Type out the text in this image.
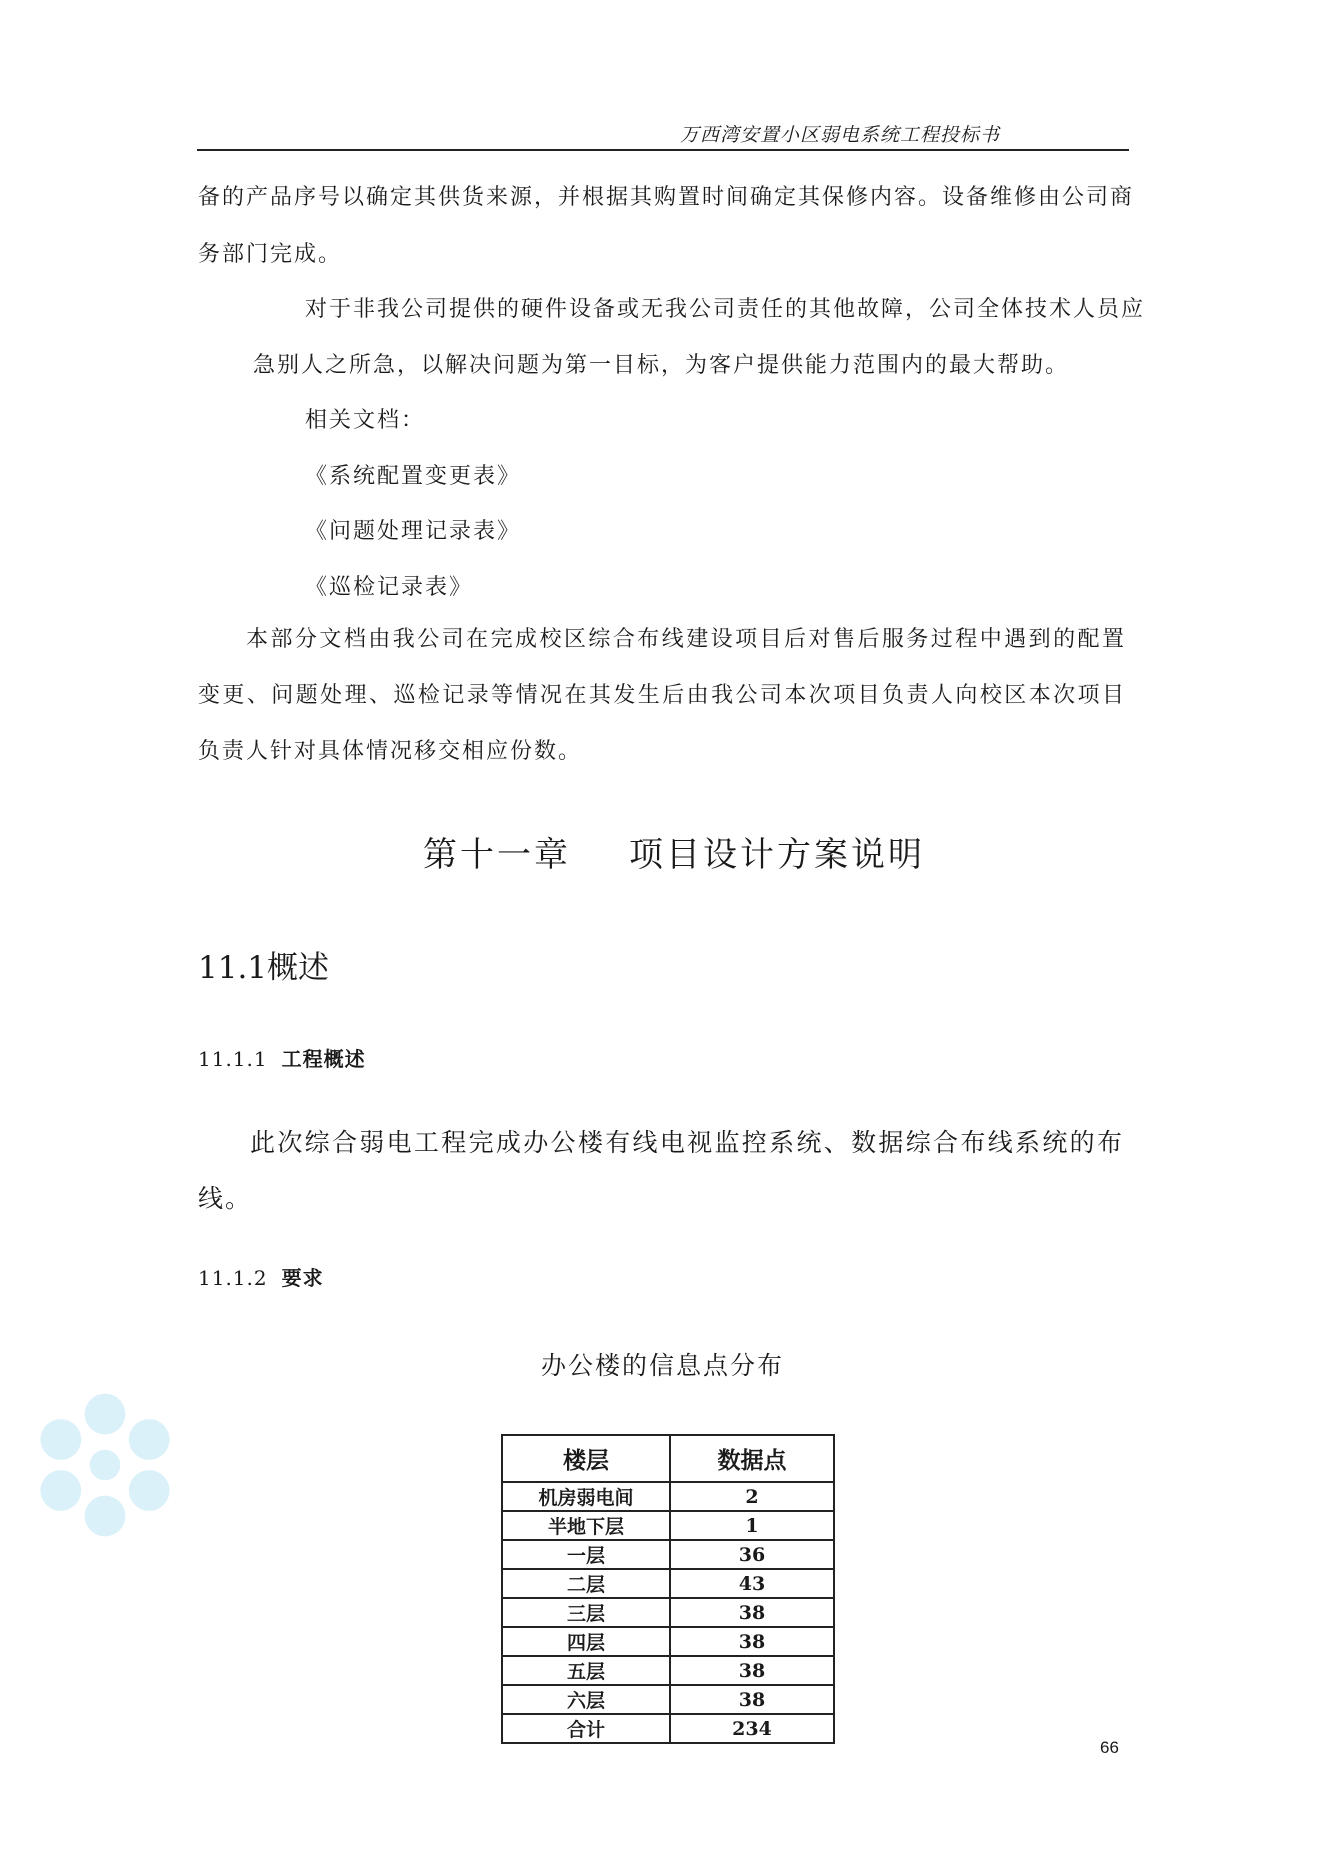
万西湾安置小区弱电系统工程投标书
备的产品序号以确定其供货来源，并根据其购置时间确定其保修内容。设备维修由公司商
务部门完成。
对于非我公司提供的硬件设备或无我公司责任的其他故障，公司全体技术人员应
急别人之所急，以解决问题为第一目标，为客户提供能力范围内的最大帮助。
相关文档：
《系统配置变更表》
《问题处理记录表》
《巡检记录表》
本部分文档由我公司在完成校区综合布线建设项目后对售后服务过程中遇到的配置变更、问题处理、巡检记录等情况在其发生后由我公司本次项目负责人向校区本次项目负责人针对具体情况移交相应份数。
第十一章 项目设计方案说明
11.1概述
11.1.1 工程概述
此次综合弱电工程完成办公楼有线电视监控系统、数据综合布线系统的布线。
11.1.2 要求
办公楼的信息点分布
楼层	数据点
机房弱电间	2
半地下层	1
一层	36
二层	43
三层	38
四层	38
五层	38
六层	38
合计	234
66
